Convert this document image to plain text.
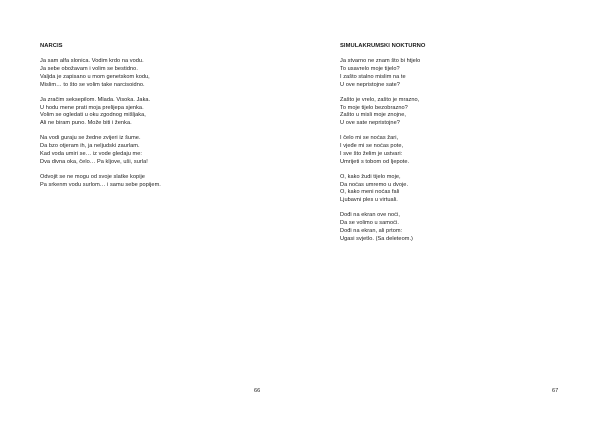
NARCIS
Ja sam alfa slonica. Vodim krdo na vodu.
Ja sebe obožavam i volim se bestidno.
Valjda je zapisano u mom genetskom kodu,
Mislim… to što se volim take narcisoidno.
Ja zračim seksepilom. Mlada. Visoka. Jaka.
U hodu mene prati moja prelijepa sjenka.
Volim se ogledati u oku zgodnog mišljaka,
Ali ne biram puno. Može biti i ženka.
Na vodi guraju se žedne zvijeri iz šume.
Da bzo otjeram ih, ja neljudski zaurlam.
Kad voda umiri se… iz vode gledaju me:
Dva divna oka, čelo… Pa kljove, uši, surla!
Odvojit se ne mogu od svoje slatke kopije
Pa srkenm vodu surlom… i samu sebe popijem.
66
SIMULAKRUMSKI NOKTURNO
Ja stvarno ne znam što bi htjelo
To usavrelo moje tijelo?
I zašto stalno mislim na te
U ove nepristojne sate?
Zašto je vrelo, zašto je mrazno,
To moje tijelo bezobrazno?
Zašto u misli moje znojne,
U ove sate nepristojne?
I čelo mi se noćas žari,
I vjeđe mi se noćas pote,
I sve što želim je ustvari:
Umrijeti s tobom od ljepote.
O, kako žudi tijelo moje,
Da noćas umremo u dvoje.
O, kako meni noćas fali
Ljubavni ples u virtuali.
Dođi na ekran ove noći,
Da se volimo u samoći.
Dođi na ekran, ali prtom:
Ugasi svjetlo. (Sa deleteom.)
67
